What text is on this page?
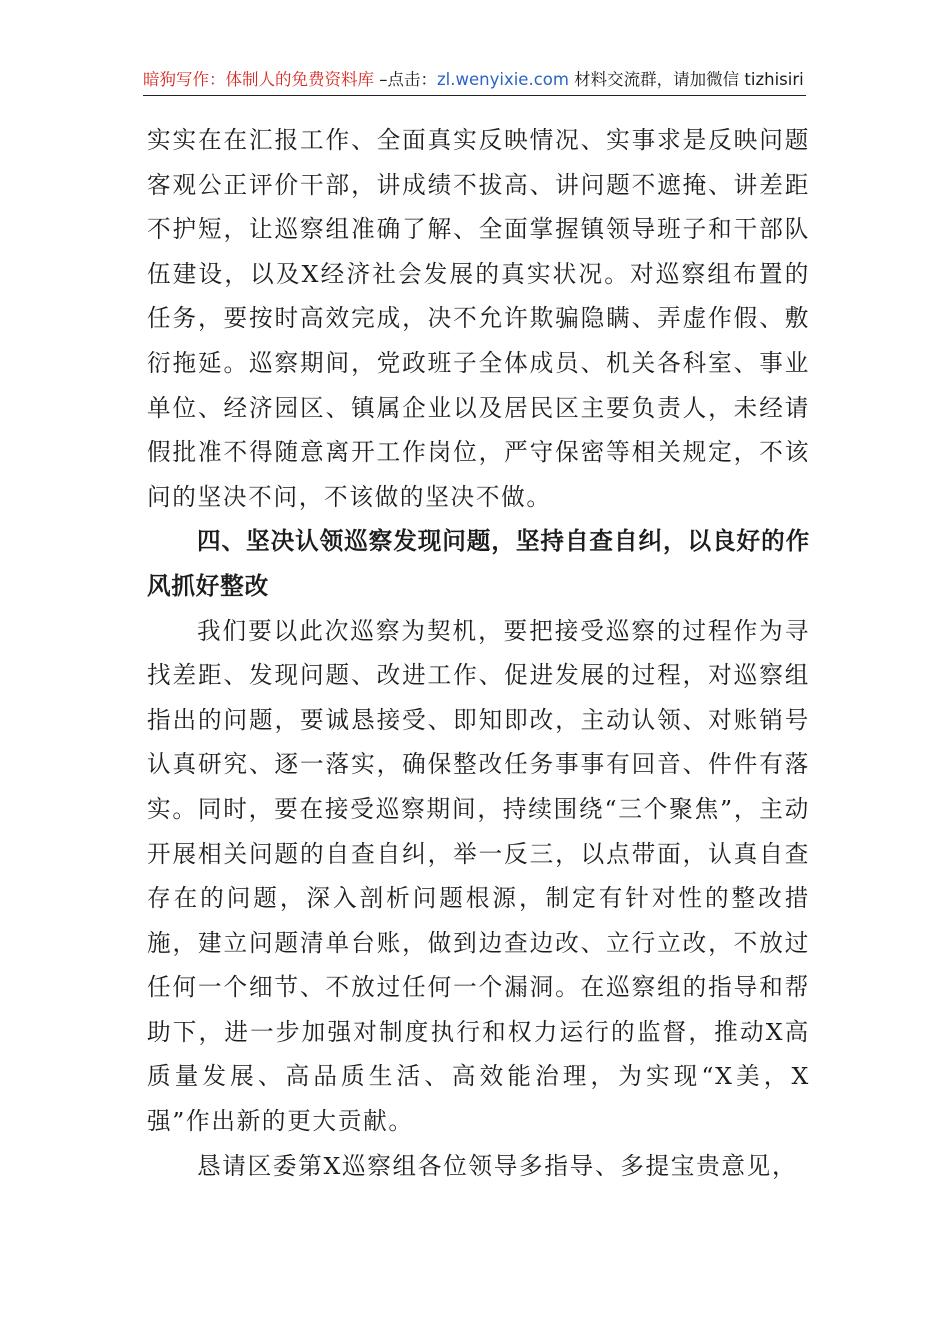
暗狗写作：体制人的免费资料库 –点击：zl.wenyixie.com 材料交流群，请加微信 tizhisiri

实实在在汇报工作、全面真实反映情况、实事求是反映问题客观公正评价干部，讲成绩不拔高、讲问题不遮掩、讲差距不护短，让巡察组准确了解、全面掌握镇领导班子和干部队伍建设，以及X经济社会发展的真实状况。对巡察组布置的任务，要按时高效完成，决不允许欺骗隐瞒、弄虚作假、敷衍拖延。巡察期间，党政班子全体成员、机关各科室、事业单位、经济园区、镇属企业以及居民区主要负责人，未经请假批准不得随意离开工作岗位，严守保密等相关规定，不该问的坚决不问，不该做的坚决不做。

四、坚决认领巡察发现问题，坚持自查自纠，以良好的作风抓好整改

我们要以此次巡察为契机，要把接受巡察的过程作为寻找差距、发现问题、改进工作、促进发展的过程，对巡察组指出的问题，要诚恳接受、即知即改，主动认领、对账销号认真研究、逐一落实，确保整改任务事事有回音、件件有落实。同时，要在接受巡察期间，持续围绕“三个聚焦”，主动开展相关问题的自查自纠，举一反三，以点带面，认真自查存在的问题，深入剖析问题根源，制定有针对性的整改措施，建立问题清单台账，做到边查边改、立行立改，不放过任何一个细节、不放过任何一个漏洞。在巡察组的指导和帮助下，进一步加强对制度执行和权力运行的监督，推动X高质量发展、高品质生活、高效能治理，为实现“X美，X强”作出新的更大贡献。

恳请区委第X巡察组各位领导多指导、多提宝贵意见，
